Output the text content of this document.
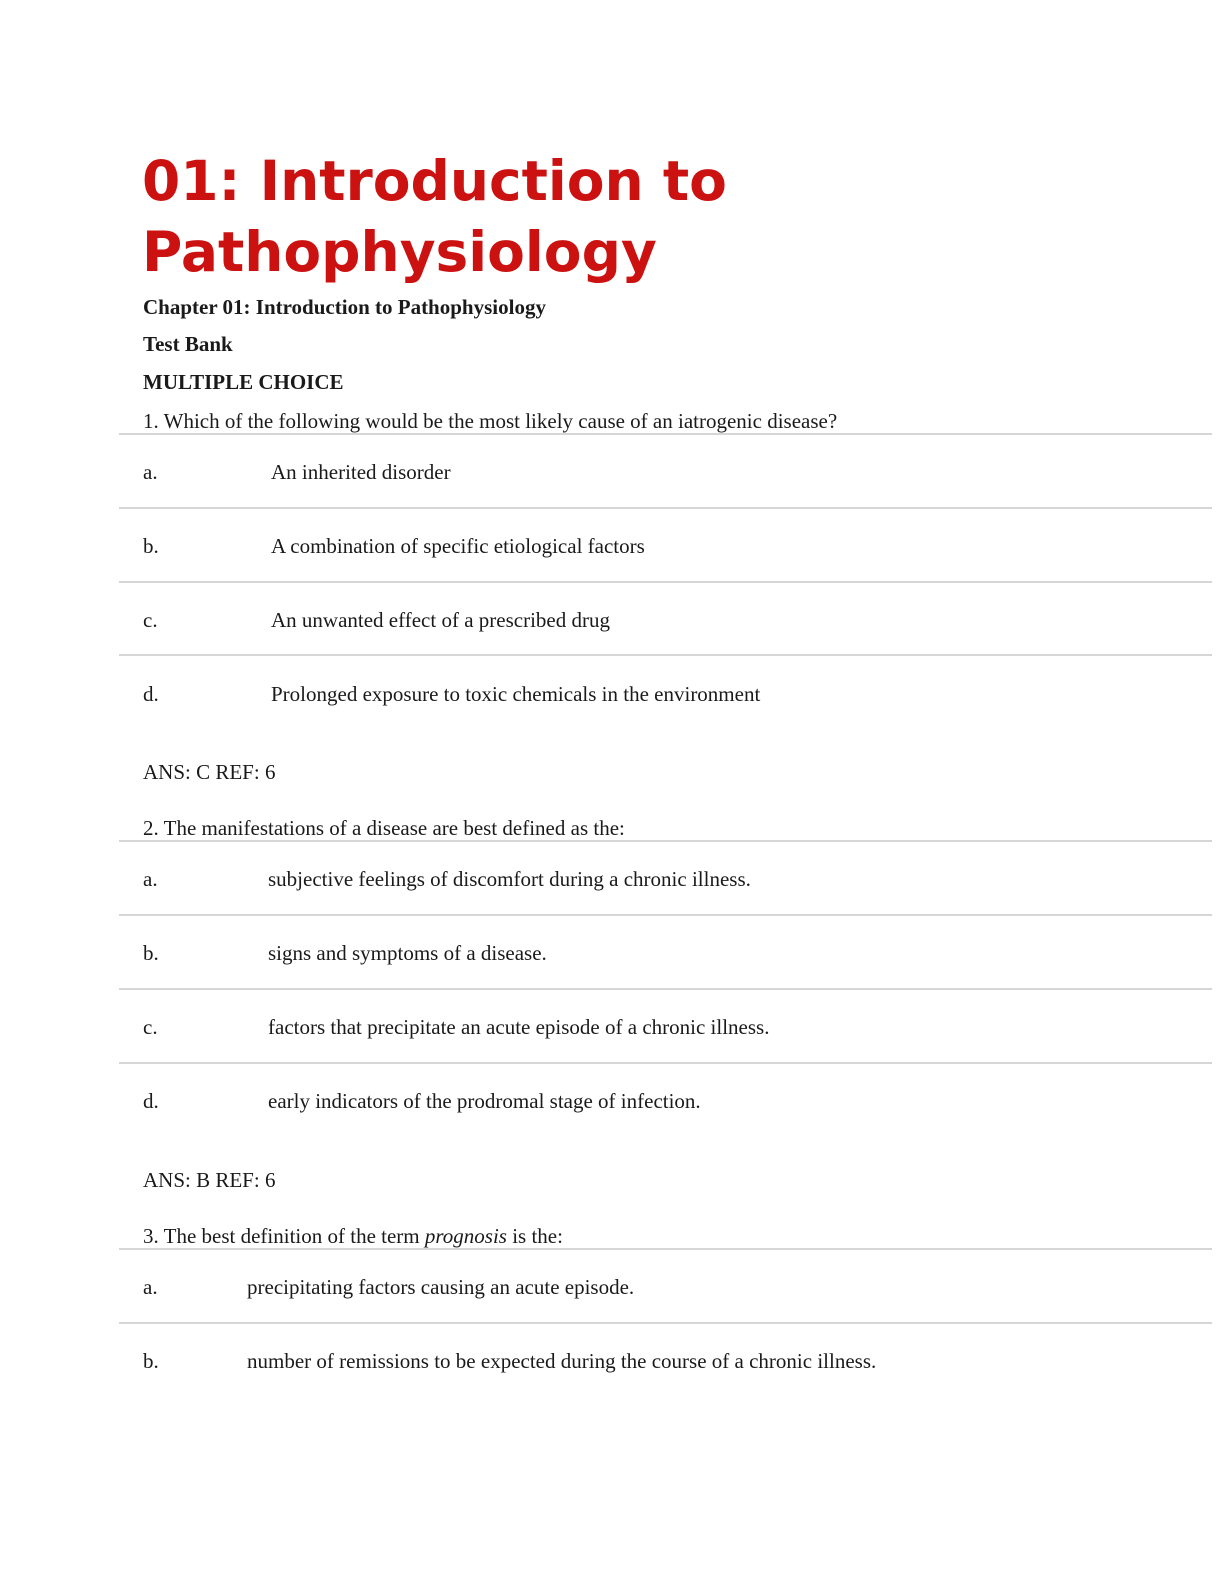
01: Introduction to Pathophysiology

Chapter 01: Introduction to Pathophysiology

Test Bank

MULTIPLE CHOICE

1. Which of the following would be the most likely cause of an iatrogenic disease?

a.	An inherited disorder
b.	A combination of specific etiological factors
c.	An unwanted effect of a prescribed drug
d.	Prolonged exposure to toxic chemicals in the environment

ANS: C REF: 6

2. The manifestations of a disease are best defined as the:

a.	subjective feelings of discomfort during a chronic illness.
b.	signs and symptoms of a disease.
c.	factors that precipitate an acute episode of a chronic illness.
d.	early indicators of the prodromal stage of infection.

ANS: B REF: 6

3. The best definition of the term prognosis is the:

a.	precipitating factors causing an acute episode.
b.	number of remissions to be expected during the course of a chronic illness.
